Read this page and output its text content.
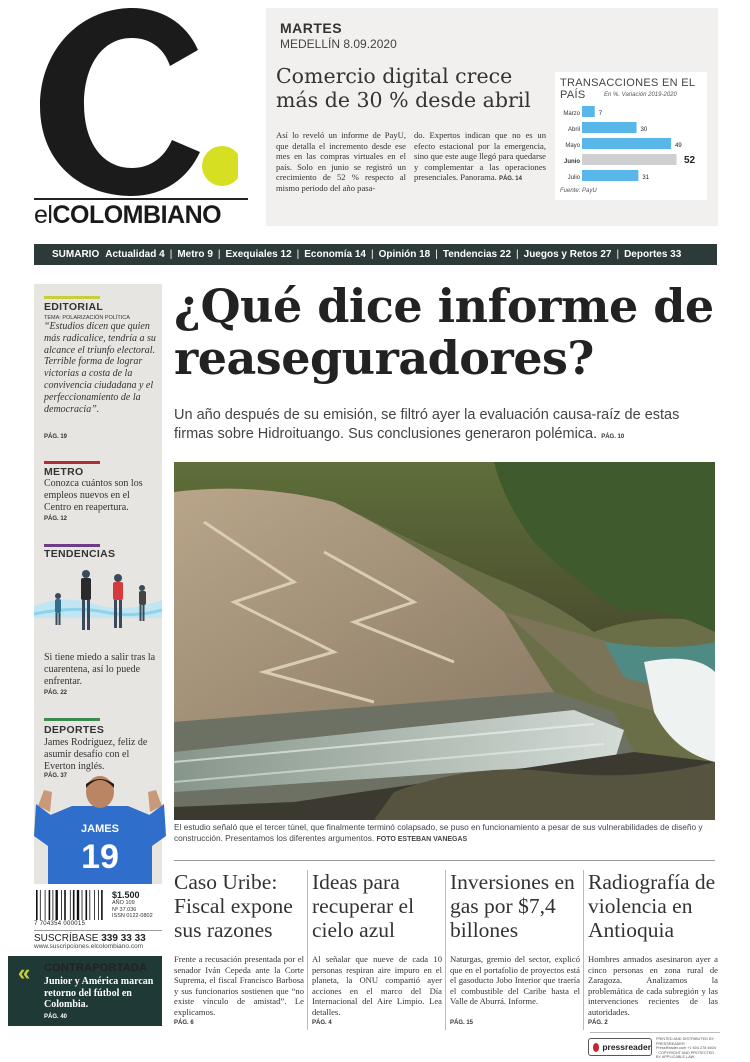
elCOLOMBIANO
MARTES
MEDELLÍN 8.09.2020
Comercio digital crece más de 30 % desde abril
Así lo reveló un informe de PayU, que detalla el incremento desde ese mes en las compras virtuales en el país. Solo en junio se registró un crecimiento de 52 % respecto al mismo periodo del año pasa-
do. Expertos indican que no es un efecto estacional por la emergencia, sino que este auge llegó para quedarse y complementar a las operaciones presenciales. Panorama. PÁG. 14
TRANSACCIONES EN EL PAÍS	En %. Variación 2019-2020
Marzo	7
Abril	30
Mayo	49
Junio	52
Julio	31
Fuente: PayU
SUMARIO Actualidad 4 | Metro 9 | Exequiales 12 | Economía 14 | Opinión 18 | Tendencias 22 | Juegos y Retos 27 | Deportes 33
EDITORIAL
TEMA: POLARIZACIÓN POLÍTICA
“Estudios dicen que quien más radicalice, tendría a su alcance el triunfo electoral. Terrible forma de lograr victorias a costa de la convivencia ciudadana y el perfeccionamiento de la democracia”.
PÁG. 19
METRO
Conozca cuántos son los empleos nuevos en el Centro en reapertura.
PÁG. 12
TENDENCIAS
Si tiene miedo a salir tras la cuarentena, así lo puede enfrentar.
PÁG. 22
DEPORTES
James Rodríguez, feliz de asumir desafío con el Everton inglés.
PÁG. 37
JAMES
19
$1.500
AÑO 109
Nº 37.036
ISSN 0122-0802
7 704354 000015
SUSCRÍBASE 339 33 33
www.suscripciones.elcolombiano.com
« CONTRAPORTADA
Junior y América marcan retorno del fútbol en Colombia.
PÁG. 40
¿Qué dice informe de reaseguradores?
Un año después de su emisión, se filtró ayer la evaluación causa-raíz de estas firmas sobre Hidroituango. Sus conclusiones generaron polémica. PÁG. 10
El estudio señaló que el tercer túnel, que finalmente terminó colapsado, se puso en funcionamiento a pesar de sus vulnerabilidades de diseño y construcción. Presentamos los diferentes argumentos. FOTO ESTEBAN VANEGAS
Caso Uribe: Fiscal expone sus razones
Frente a recusación presentada por el senador Iván Cepeda ante la Corte Suprema, el fiscal Francisco Barbosa y sus funcionarios sostienen que “no existe vínculo de amistad”. Le explicamos.
PÁG. 6
Ideas para recuperar el cielo azul
Al señalar que nueve de cada 10 personas respiran aire impuro en el planeta, la ONU compartió ayer acciones en el marco del Día Internacional del Aire Limpio. Lea detalles.
PÁG. 4
Inversiones en gas por $7,4 billones
Naturgas, gremio del sector, explicó que en el portafolio de proyectos está el gasoducto Jobo Interior que traería el combustible del Caribe hasta el Valle de Aburrá. Informe.
PÁG. 15
Radiografía de violencia en Antioquia
Hombres armados asesinaron ayer a cinco personas en zona rural de Zaragoza. Analizamos la problemática de cada subregión y las intervenciones recientes de las autoridades.
PÁG. 2
pressreader
PRINTED AND DISTRIBUTED BY PRESSREADER · PressReader.com +1 604 278 4604 · COPYRIGHT AND PROTECTED BY APPLICABLE LAW
